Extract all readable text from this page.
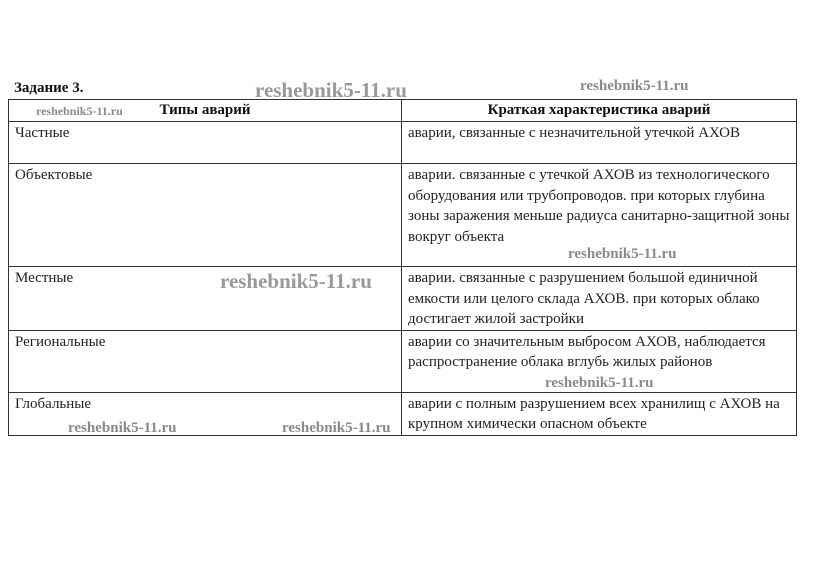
Задание 3.
Типы аварий	Краткая характеристика аварий
Частные	аварии, связанные с незначительной утечкой АХОВ
Объектовые	аварии. связанные с утечкой АХОВ из технологического оборудования или трубопроводов. при которых глубина зоны заражения меньше радиуса санитарно-защитной зоны вокруг объекта
Местные	аварии. связанные с разрушением большой единичной емкости или целого склада АХОВ. при которых облако достигает жилой застройки
Региональные	аварии со значительным выбросом АХОВ, наблюдается распространение облака вглубь жилых районов
Глобальные	аварии с полным разрушением всех хранилищ с АХОВ на крупном химически опасном объекте
reshebnik5-11.ru	reshebnik5-11.ru
reshebnik5-11.ru
reshebnik5-11.ru
reshebnik5-11.ru
reshebnik5-11.ru
reshebnik5-11.ru	reshebnik5-11.ru
